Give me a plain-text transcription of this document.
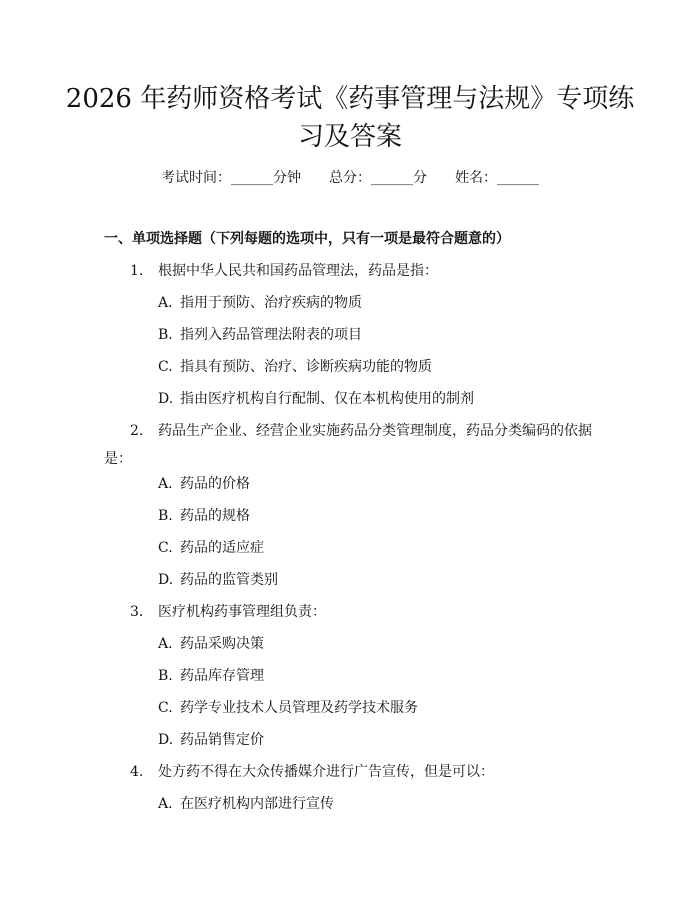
2026 年药师资格考试《药事管理与法规》专项练习及答案
考试时间：______分钟 总分：______分 姓名：______
一、单项选择题（下列每题的选项中，只有一项是最符合题意的）
1. 根据中华人民共和国药品管理法，药品是指：
A. 指用于预防、治疗疾病的物质
B. 指列入药品管理法附表的项目
C. 指具有预防、治疗、诊断疾病功能的物质
D. 指由医疗机构自行配制、仅在本机构使用的制剂
2. 药品生产企业、经营企业实施药品分类管理制度，药品分类编码的依据是：
A. 药品的价格
B. 药品的规格
C. 药品的适应症
D. 药品的监管类别
3. 医疗机构药事管理组负责：
A. 药品采购决策
B. 药品库存管理
C. 药学专业技术人员管理及药学技术服务
D. 药品销售定价
4. 处方药不得在大众传播媒介进行广告宣传，但是可以：
A. 在医疗机构内部进行宣传
